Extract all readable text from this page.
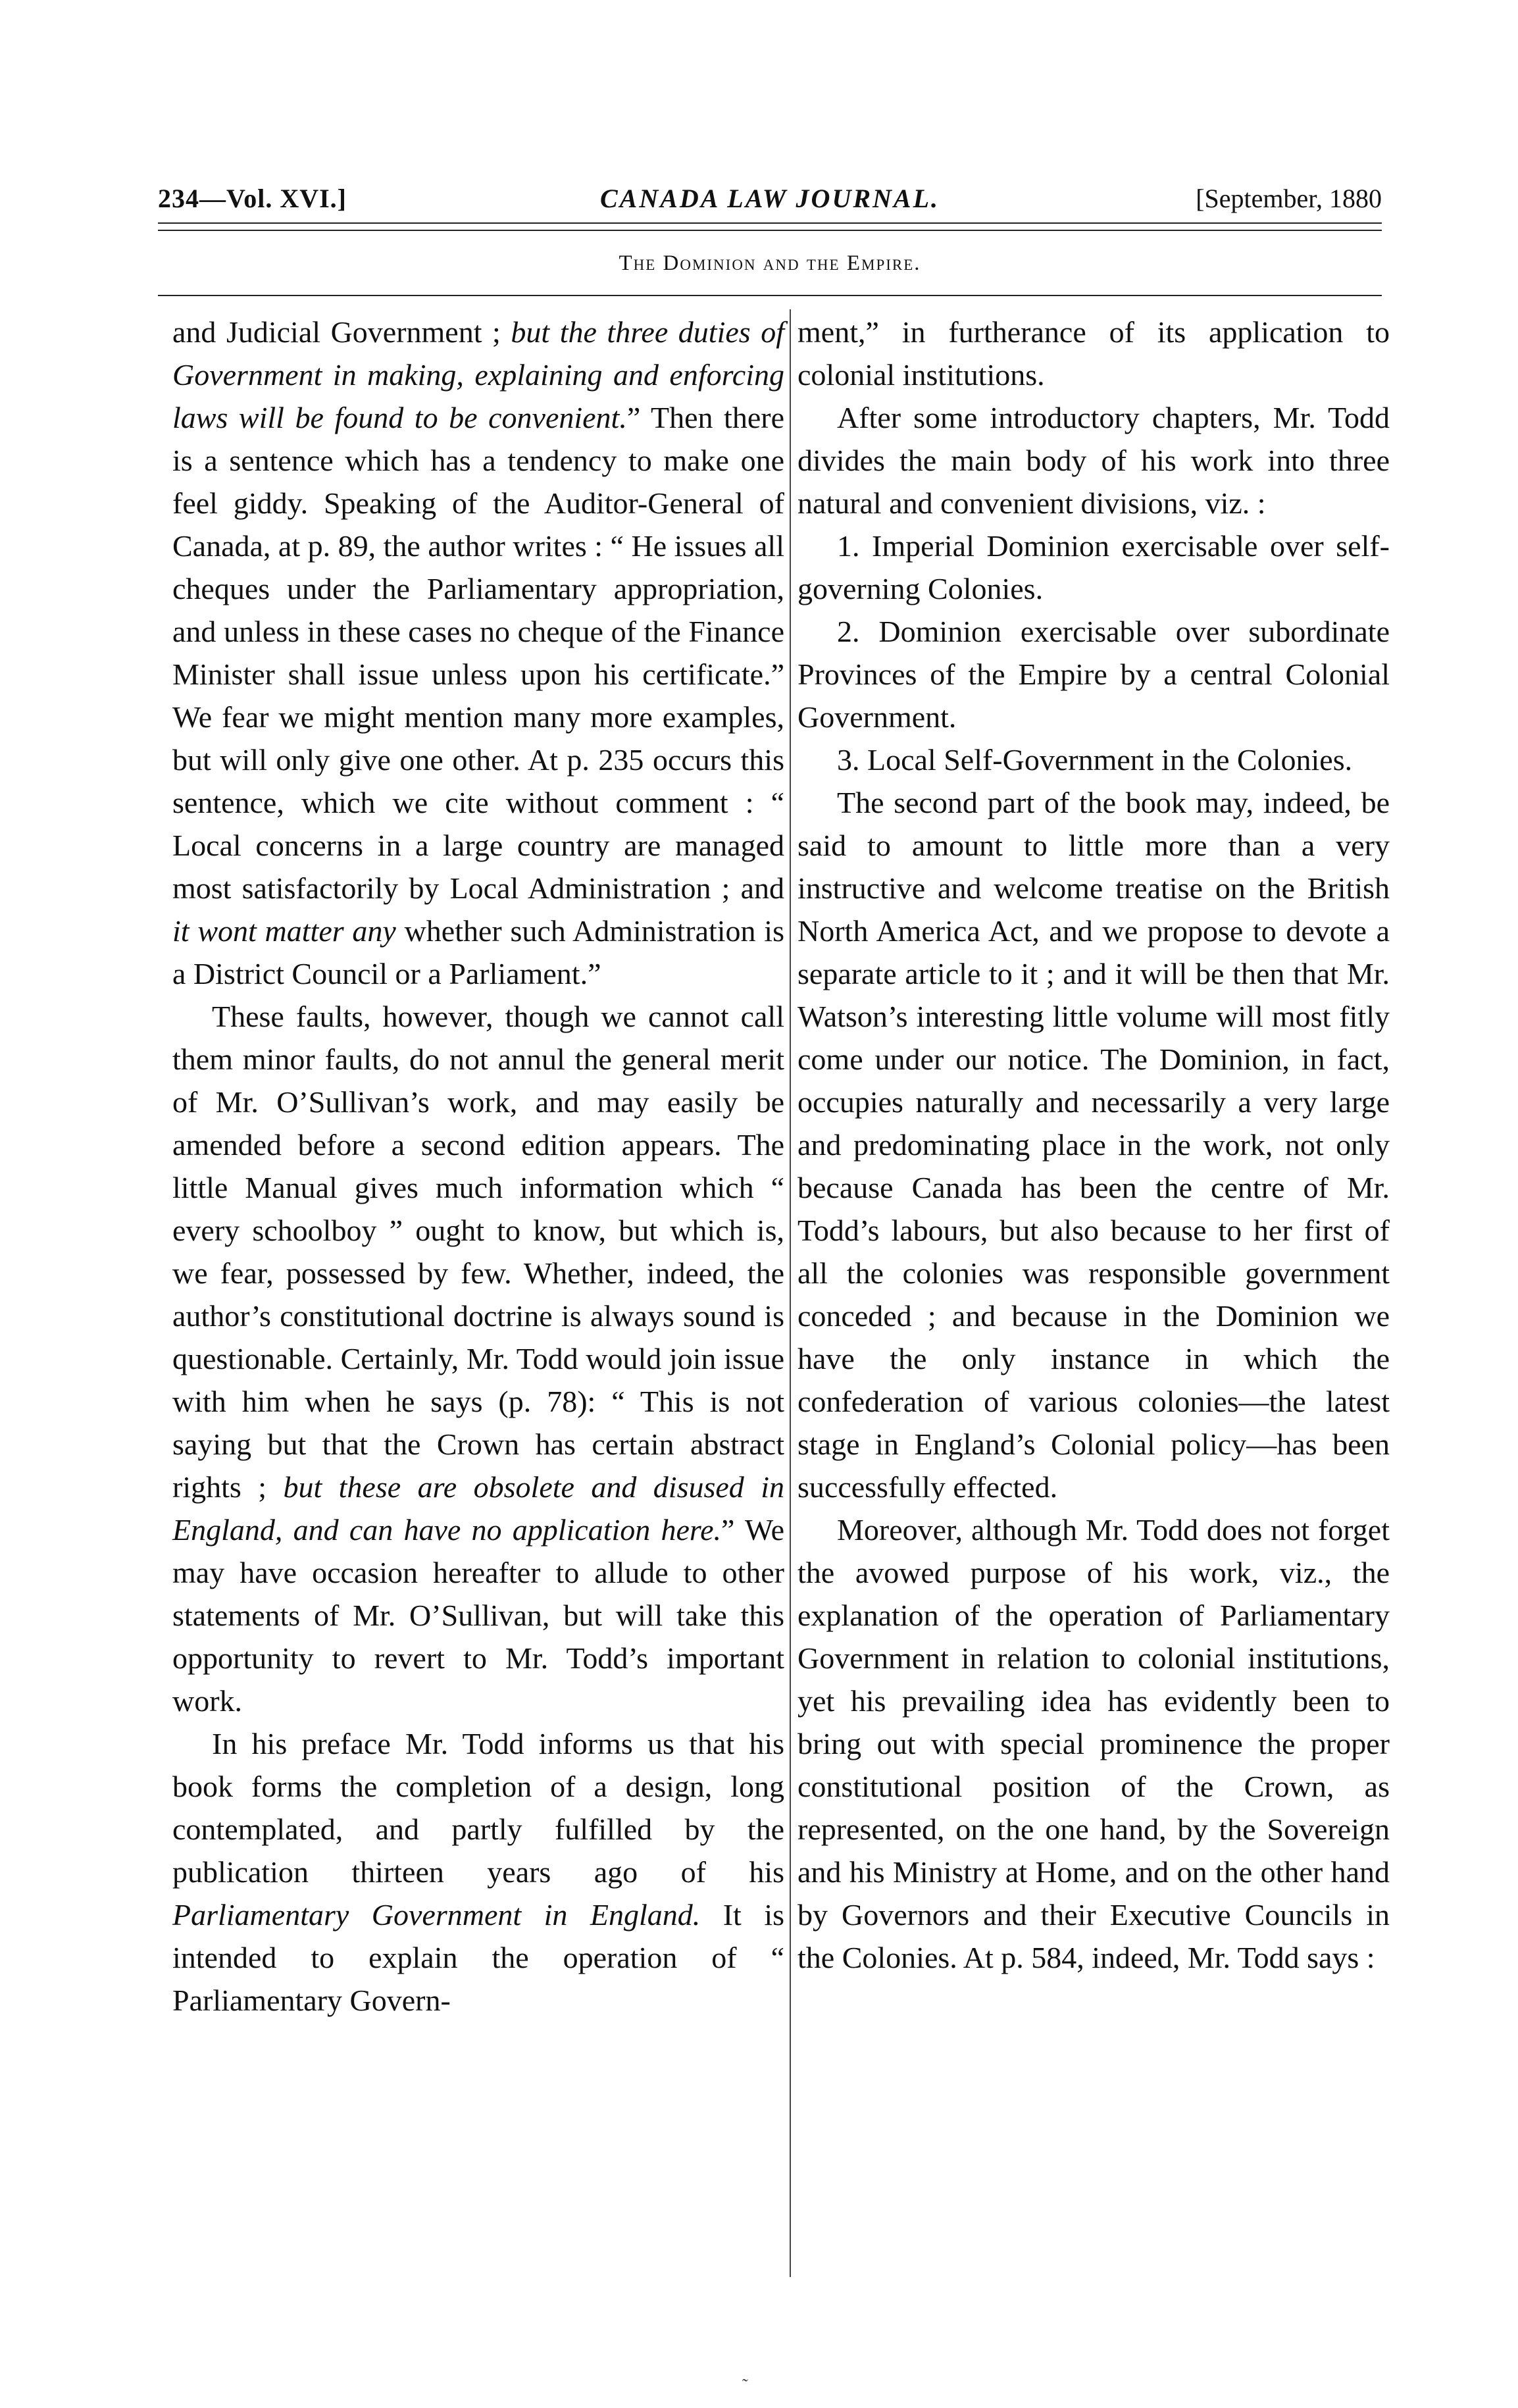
234—Vol. XVI.]	CANADA LAW JOURNAL.	[September, 1880
The Dominion and the Empire.

and Judicial Government ; but the three duties of Government in making, explaining and enforcing laws will be found to be convenient.” Then there is a sentence which has a tendency to make one feel giddy. Speaking of the Auditor-General of Canada, at p. 89, the author writes : “ He issues all cheques under the Parliamentary appropriation, and unless in these cases no cheque of the Finance Minister shall issue unless upon his certificate.” We fear we might mention many more examples, but will only give one other. At p. 235 occurs this sentence, which we cite without comment : “ Local concerns in a large country are managed most satisfactorily by Local Administration ; and it wont matter any whether such Administration is a District Council or a Parliament.”

These faults, however, though we cannot call them minor faults, do not annul the general merit of Mr. O’Sullivan’s work, and may easily be amended before a second edition appears. The little Manual gives much information which “ every schoolboy ” ought to know, but which is, we fear, possessed by few. Whether, indeed, the author’s constitutional doctrine is always sound is questionable. Certainly, Mr. Todd would join issue with him when he says (p. 78): “ This is not saying but that the Crown has certain abstract rights ; but these are obsolete and disused in England, and can have no application here.” We may have occasion hereafter to allude to other statements of Mr. O’Sullivan, but will take this opportunity to revert to Mr. Todd’s important work.

In his preface Mr. Todd informs us that his book forms the completion of a design, long contemplated, and partly fulfilled by the publication thirteen years ago of his Parliamentary Government in England. It is intended to explain the operation of “ Parliamentary Govern-

ment,” in furtherance of its application to colonial institutions.

After some introductory chapters, Mr. Todd divides the main body of his work into three natural and convenient divisions, viz. :

1. Imperial Dominion exercisable over self-governing Colonies.

2. Dominion exercisable over subordinate Provinces of the Empire by a central Colonial Government.

3. Local Self-Government in the Colonies.

The second part of the book may, indeed, be said to amount to little more than a very instructive and welcome treatise on the British North America Act, and we propose to devote a separate article to it ; and it will be then that Mr. Watson’s interesting little volume will most fitly come under our notice. The Dominion, in fact, occupies naturally and necessarily a very large and predominating place in the work, not only because Canada has been the centre of Mr. Todd’s labours, but also because to her first of all the colonies was responsible government conceded ; and because in the Dominion we have the only instance in which the confederation of various colonies—the latest stage in England’s Colonial policy—has been successfully effected.

Moreover, although Mr. Todd does not forget the avowed purpose of his work, viz., the explanation of the operation of Parliamentary Government in relation to colonial institutions, yet his prevailing idea has evidently been to bring out with special prominence the proper constitutional position of the Crown, as represented, on the one hand, by the Sovereign and his Ministry at Home, and on the other hand by Governors and their Executive Councils in the Colonies. At p. 584, indeed, Mr. Todd says :

˜
